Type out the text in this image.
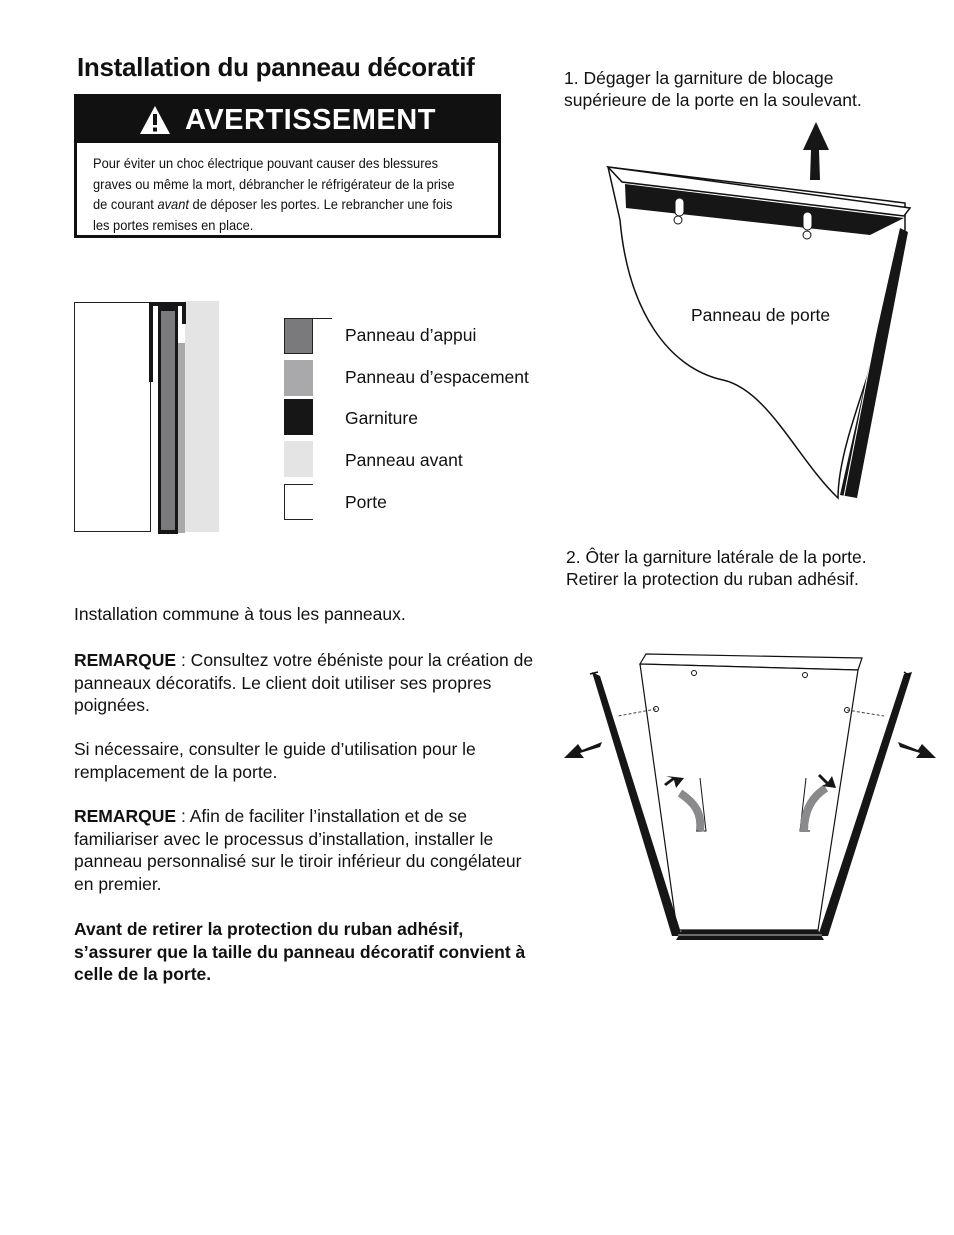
Installation du panneau décoratif
AVERTISSEMENT
Pour éviter un choc électrique pouvant causer des blessures graves ou même la mort, débrancher le réfrigérateur de la prise de courant avant de déposer les portes. Le rebrancher une fois les portes remises en place.
Panneau d’appui
Panneau d’espacement
Garniture
Panneau avant
Porte
Installation commune à tous les panneaux.
REMARQUE : Consultez votre ébéniste pour la création de panneaux décoratifs. Le client doit utiliser ses propres poignées.
Si nécessaire, consulter le guide d’utilisation pour le remplacement de la porte.
REMARQUE : Afin de faciliter l’installation et de se familiariser avec le processus d’installation, installer le panneau personnalisé sur le tiroir inférieur du congélateur en premier.
Avant de retirer la protection du ruban adhésif, s’assurer que la taille du panneau décoratif convient à celle de la porte.
1. Dégager la garniture de blocage
supérieure de la porte en la soulevant.
Panneau de porte
2. Ôter la garniture latérale de la porte.
Retirer la protection du ruban adhésif.
